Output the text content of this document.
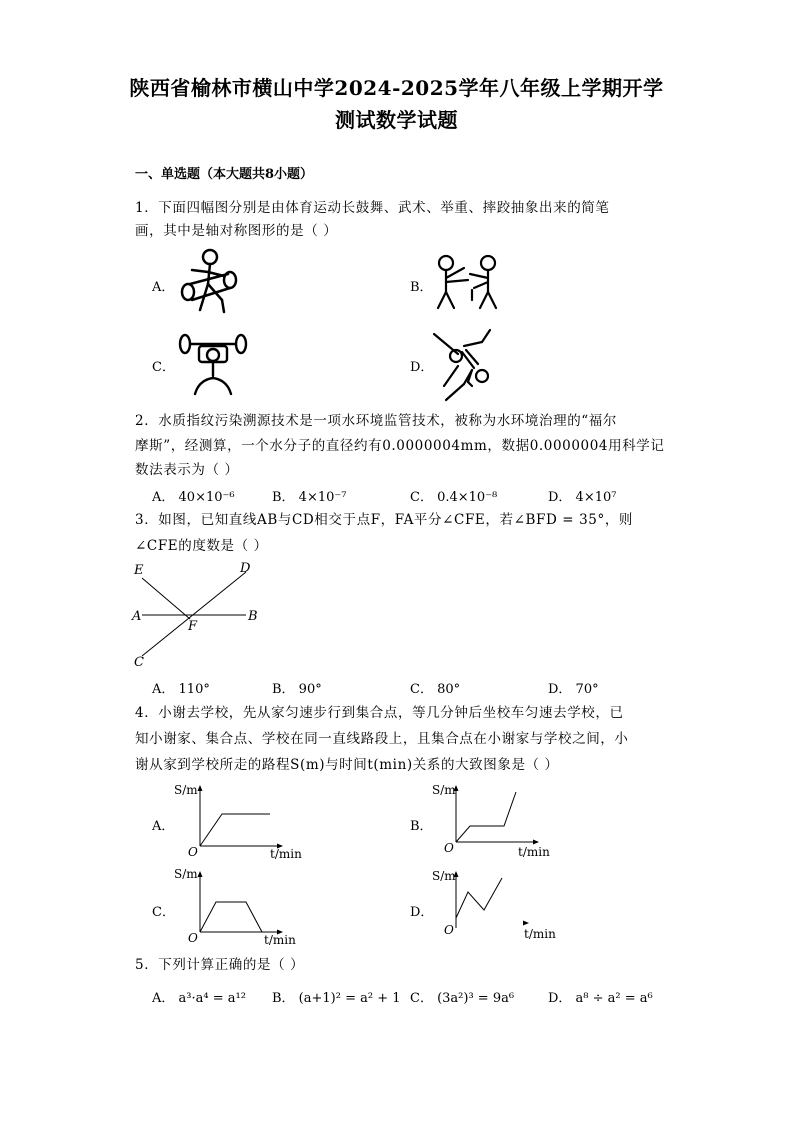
陕西省榆林市横山中学2024-2025学年八年级上学期开学
测试数学试题
一、单选题（本大题共8小题）
1．下面四幅图分别是由体育运动长鼓舞、武术、举重、摔跤抽象出来的简笔
画，其中是轴对称图形的是（ ）
A．	B．
C．	D．
2．水质指纹污染溯源技术是一项水环境监管技术，被称为水环境治理的“福尔
摩斯”，经测算，一个水分子的直径约有0.0000004mm，数据0.0000004用科学记
数法表示为（ ）
A． 40×10⁻⁶	B． 4×10⁻⁷	C． 0.4×10⁻⁸	D． 4×10⁷
3．如图，已知直线AB与CD相交于点F，FA平分∠CFE，若∠BFD = 35°，则
∠CFE的度数是（ ）
E	D
A	B
F
C
A． 110°	B． 90°	C． 80°	D． 70°
4．小谢去学校，先从家匀速步行到集合点，等几分钟后坐校车匀速去学校，已
知小谢家、集合点、学校在同一直线路段上，且集合点在小谢家与学校之间，小
谢从家到学校所走的路程S(m)与时间t(min)关系的大致图象是（ ）
A．
S/m
t/min
O
B．
S/m
t/min
O
C．
S/m
t/min
O
D．
S/m
t/min
O
5．下列计算正确的是（ ）
A． a³·a⁴ = a¹² B． (a+1)² = a² + 1 C． (3a²)³ = 9a⁶	D． a⁸ ÷ a² = a⁶
